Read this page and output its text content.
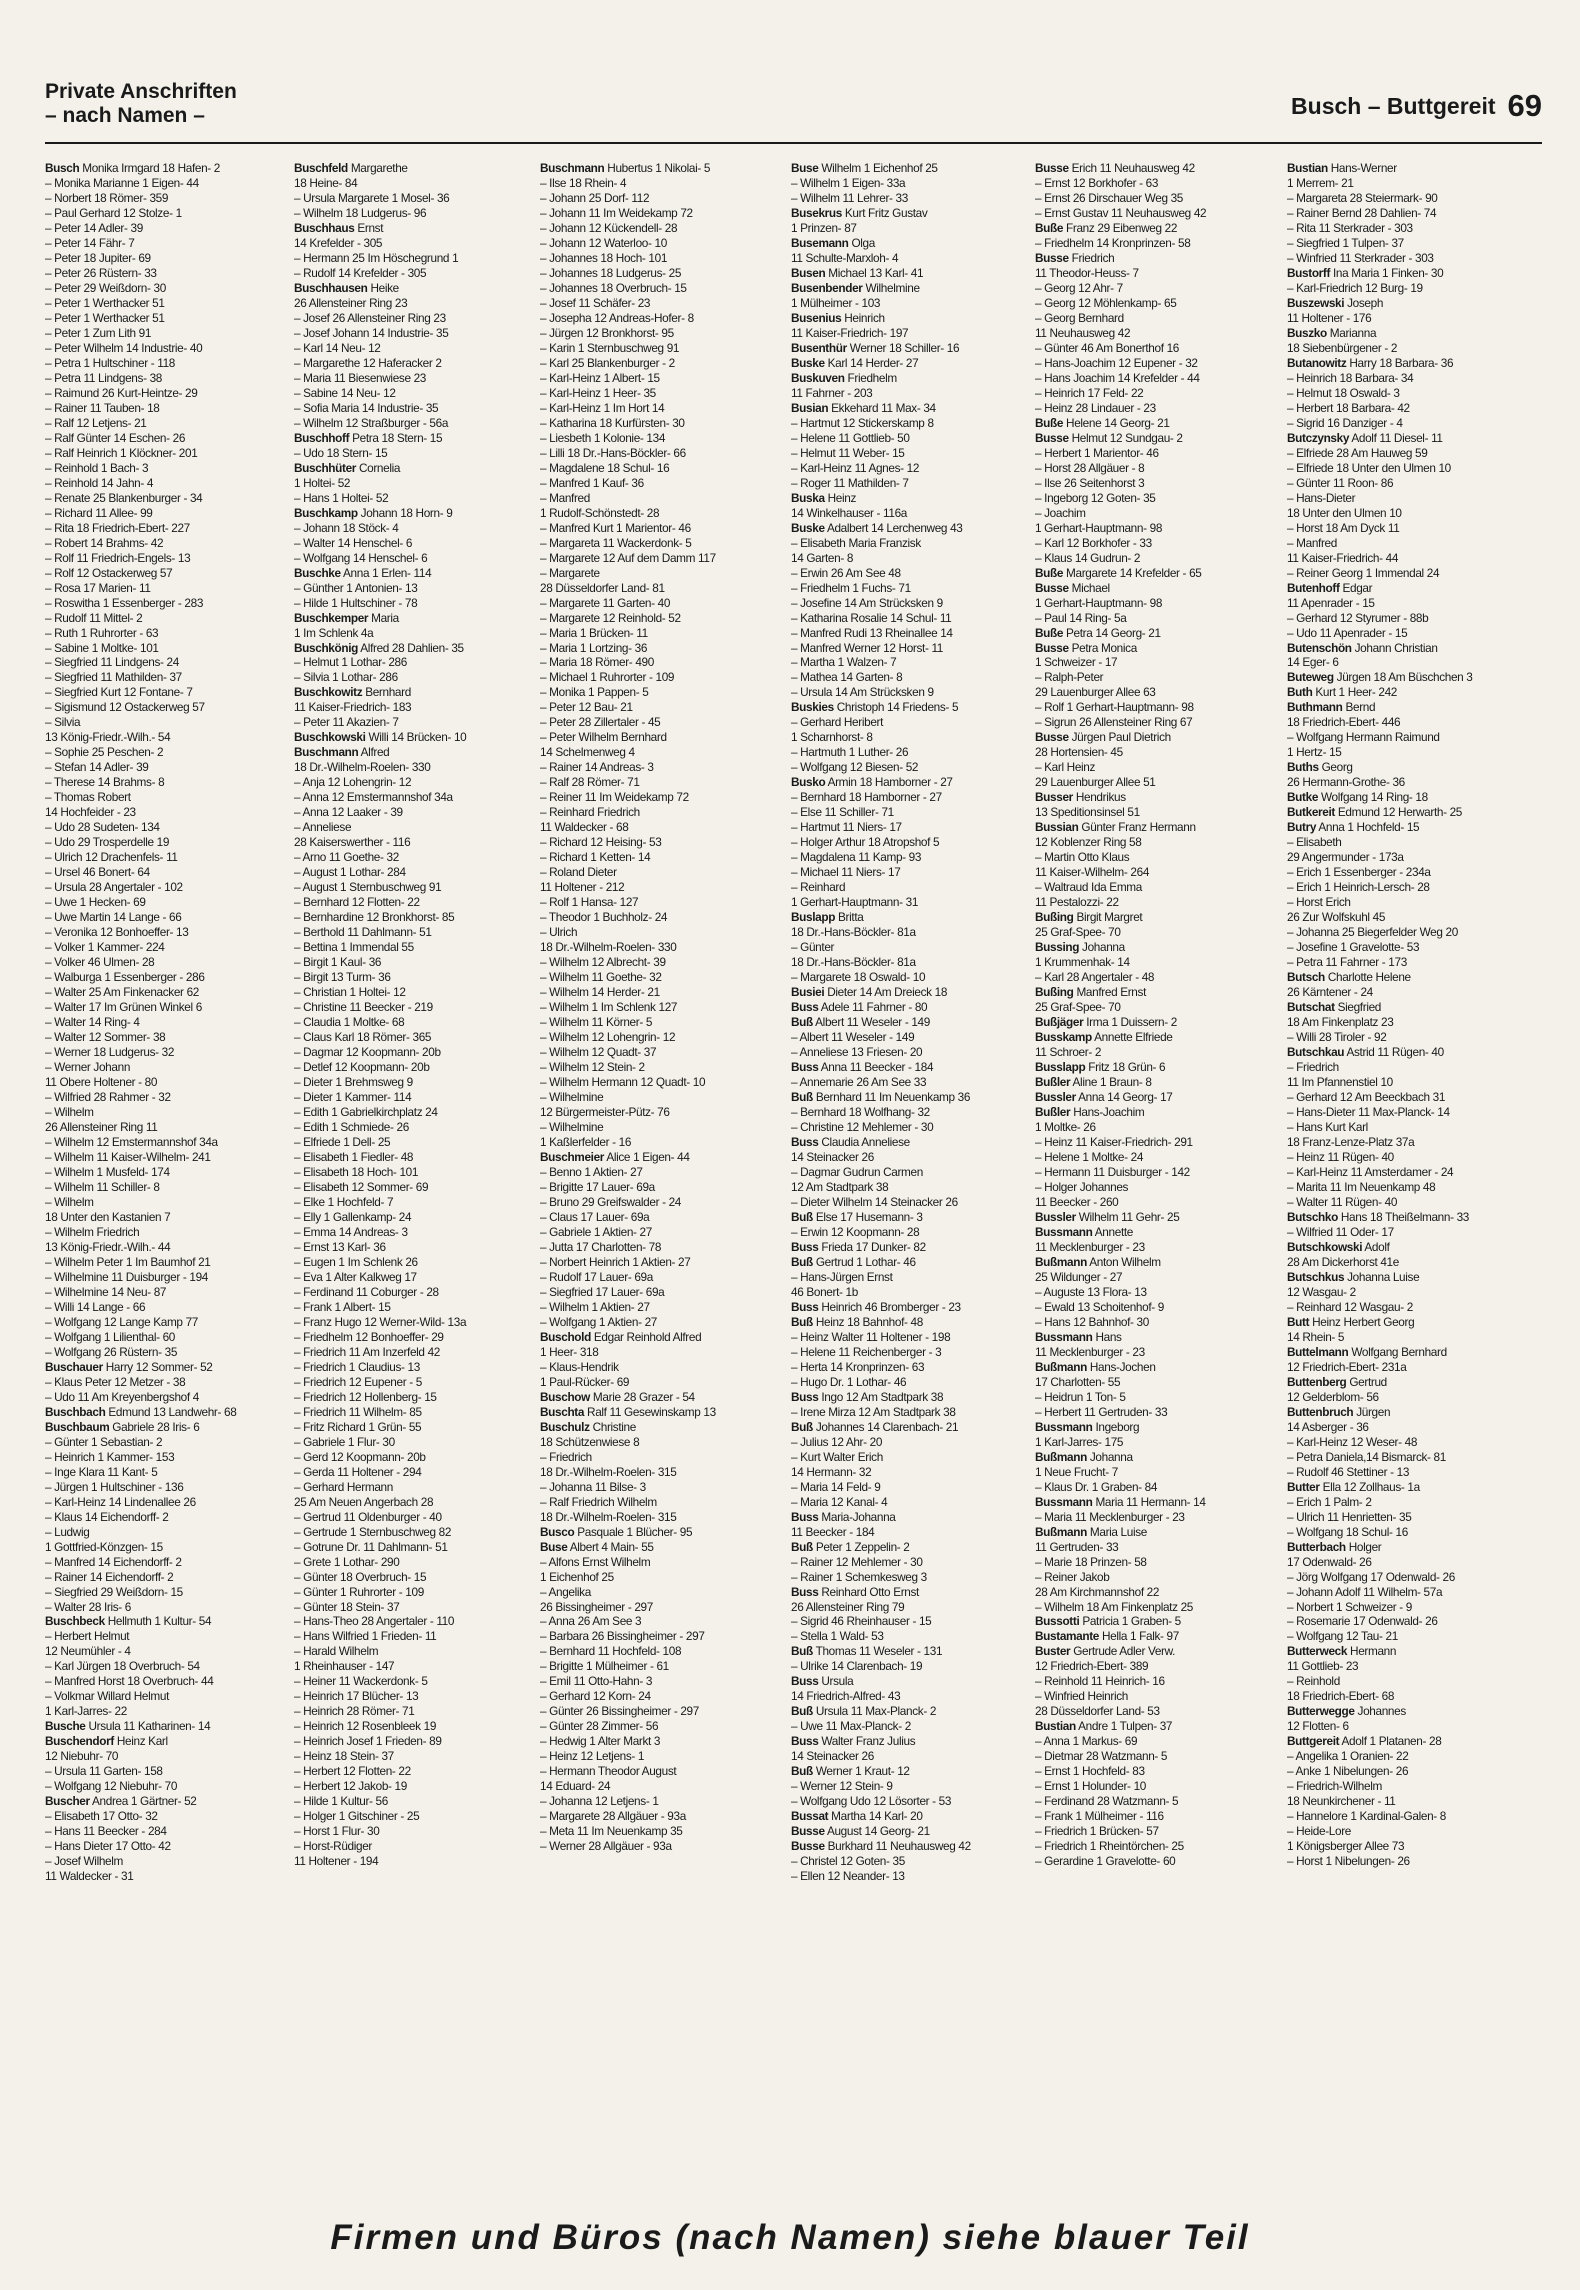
Private Anschriften
– nach Namen –	Busch – Buttgereit 69
Busch Monika Irmgard 18 Hafen- 2
– Monika Marianne 1 Eigen- 44
– Norbert 18 Römer- 359
– Paul Gerhard 12 Stolze- 1
– Peter 14 Adler- 39
– Peter 14 Fähr- 7
– Peter 18 Jupiter- 69
– Peter 26 Rüstern- 33
– Peter 29 Weißdorn- 30
– Peter 1 Werthacker 51
– Peter 1 Werthacker 51
– Peter 1 Zum Lith 91
– Peter Wilhelm 14 Industrie- 40
– Petra 1 Hultschiner - 118
– Petra 11 Lindgens- 38
– Raimund 26 Kurt-Heintze- 29
– Rainer 11 Tauben- 18
– Ralf 12 Letjens- 21
– Ralf Günter 14 Eschen- 26
– Ralf Heinrich 1 Klöckner- 201
– Reinhold 1 Bach- 3
– Reinhold 14 Jahn- 4
– Renate 25 Blankenburger - 34
– Richard 11 Allee- 99
– Rita 18 Friedrich-Ebert- 227
– Robert 14 Brahms- 42
– Rolf 11 Friedrich-Engels- 13
– Rolf 12 Ostackerweg 57
– Rosa 17 Marien- 11
– Roswitha 1 Essenberger - 283
– Rudolf 11 Mittel- 2
– Ruth 1 Ruhrorter - 63
– Sabine 1 Moltke- 101
– Siegfried 11 Lindgens- 24
– Siegfried 11 Mathilden- 37
– Siegfried Kurt 12 Fontane- 7
– Sigismund 12 Ostackerweg 57
– Silvia
13 König-Friedr.-Wilh.- 54
– Sophie 25 Peschen- 2
– Stefan 14 Adler- 39
– Therese 14 Brahms- 8
– Thomas Robert
14 Hochfeider - 23
– Udo 28 Sudeten- 134
– Udo 29 Trosperdelle 19
– Ulrich 12 Drachenfels- 11
– Ursel 46 Bonert- 64
– Ursula 28 Angertaler - 102
– Uwe 1 Hecken- 69
– Uwe Martin 14 Lange - 66
– Veronika 12 Bonhoeffer- 13
– Volker 1 Kammer- 224
– Volker 46 Ulmen- 28
– Walburga 1 Essenberger - 286
– Walter 25 Am Finkenacker 62
– Walter 17 Im Grünen Winkel 6
– Walter 14 Ring- 4
– Walter 12 Sommer- 38
– Werner 18 Ludgerus- 32
– Werner Johann
11 Obere Holtener - 80
– Wilfried 28 Rahmer - 32
– Wilhelm
26 Allensteiner Ring 11
– Wilhelm 12 Emstermannshof 34a
– Wilhelm 11 Kaiser-Wilhelm- 241
– Wilhelm 1 Musfeld- 174
– Wilhelm 11 Schiller- 8
– Wilhelm
18 Unter den Kastanien 7
– Wilhelm Friedrich
13 König-Friedr.-Wilh.- 44
– Wilhelm Peter 1 Im Baumhof 21
– Wilhelmine 11 Duisburger - 194
– Wilhelmine 14 Neu- 87
– Willi 14 Lange - 66
– Wolfgang 12 Lange Kamp 77
– Wolfgang 1 Lilienthal- 60
– Wolfgang 26 Rüstern- 35
Buschauer Harry 12 Sommer- 52
– Klaus Peter 12 Metzer - 38
– Udo 11 Am Kreyenbergshof 4
Buschbach Edmund 13 Landwehr- 68
Buschbaum Gabriele 28 Iris- 6
– Günter 1 Sebastian- 2
– Heinrich 1 Kammer- 153
– Inge Klara 11 Kant- 5
– Jürgen 1 Hultschiner - 136
– Karl-Heinz 14 Lindenallee 26
– Klaus 14 Eichendorff- 2
– Ludwig
1 Gottfried-Könzgen- 15
– Manfred 14 Eichendorff- 2
– Rainer 14 Eichendorff- 2
– Siegfried 29 Weißdorn- 15
– Walter 28 Iris- 6
Buschbeck Hellmuth 1 Kultur- 54
– Herbert Helmut
12 Neumühler - 4
– Karl Jürgen 18 Overbruch- 54
– Manfred Horst 18 Overbruch- 44
– Volkmar Willard Helmut
1 Karl-Jarres- 22
Busche Ursula 11 Katharinen- 14
Buschendorf Heinz Karl
12 Niebuhr- 70
– Ursula 11 Garten- 158
– Wolfgang 12 Niebuhr- 70
Buscher Andrea 1 Gärtner- 52
– Elisabeth 17 Otto- 32
– Hans 11 Beecker - 284
– Hans Dieter 17 Otto- 42
– Josef Wilhelm
11 Waldecker - 31
Buschfeld Margarethe
18 Heine- 84
– Ursula Margarete 1 Mosel- 36
– Wilhelm 18 Ludgerus- 96
Buschhaus Ernst
14 Krefelder - 305
– Hermann 25 Im Höschegrund 1
– Rudolf 14 Krefelder - 305
Buschhausen Heike
26 Allensteiner Ring 23
– Josef 26 Allensteiner Ring 23
– Josef Johann 14 Industrie- 35
– Karl 14 Neu- 12
– Margarethe 12 Haferacker 2
– Maria 11 Biesenwiese 23
– Sabine 14 Neu- 12
– Sofia Maria 14 Industrie- 35
– Wilhelm 12 Straßburger - 56a
Buschhoff Petra 18 Stern- 15
– Udo 18 Stern- 15
Buschhüter Cornelia
1 Holtei- 52
– Hans 1 Holtei- 52
Buschkamp Johann 18 Horn- 9
– Johann 18 Stöck- 4
– Walter 14 Henschel- 6
– Wolfgang 14 Henschel- 6
Buschke Anna 1 Erlen- 114
– Günther 1 Antonien- 13
– Hilde 1 Hultschiner - 78
Buschkemper Maria
1 Im Schlenk 4a
Buschkönig Alfred 28 Dahlien- 35
– Helmut 1 Lothar- 286
– Silvia 1 Lothar- 286
Buschkowitz Bernhard
11 Kaiser-Friedrich- 183
– Peter 11 Akazien- 7
Buschkowski Willi 14 Brücken- 10
Buschmann Alfred
18 Dr.-Wilhelm-Roelen- 330
– Anja 12 Lohengrin- 12
– Anna 12 Emstermannshof 34a
– Anna 12 Laaker - 39
– Anneliese
28 Kaiserswerther - 116
– Arno 11 Goethe- 32
– August 1 Lothar- 284
– August 1 Sternbuschweg 91
– Bernhard 12 Flotten- 22
– Bernhardine 12 Bronkhorst- 85
– Berthold 11 Dahlmann- 51
– Bettina 1 Immendal 55
– Birgit 1 Kaul- 36
– Birgit 13 Turm- 36
– Christian 1 Holtei- 12
– Christine 11 Beecker - 219
– Claudia 1 Moltke- 68
– Claus Karl 18 Römer- 365
– Dagmar 12 Koopmann- 20b
– Detlef 12 Koopmann- 20b
– Dieter 1 Brehmsweg 9
– Dieter 1 Kammer- 114
– Edith 1 Gabrielkirchplatz 24
– Edith 1 Schmiede- 26
– Elfriede 1 Dell- 25
– Elisabeth 1 Fiedler- 48
– Elisabeth 18 Hoch- 101
– Elisabeth 12 Sommer- 69
– Elke 1 Hochfeld- 7
– Elly 1 Gallenkamp- 24
– Emma 14 Andreas- 3
– Ernst 13 Karl- 36
– Eugen 1 Im Schlenk 26
– Eva 1 Alter Kalkweg 17
– Ferdinand 11 Coburger - 28
– Frank 1 Albert- 15
– Franz Hugo 12 Werner-Wild- 13a
– Friedhelm 12 Bonhoeffer- 29
– Friedrich 11 Am Inzerfeld 42
– Friedrich 1 Claudius- 13
– Friedrich 12 Eupener - 5
– Friedrich 12 Hollenberg- 15
– Friedrich 11 Wilhelm- 85
– Fritz Richard 1 Grün- 55
– Gabriele 1 Flur- 30
– Gerd 12 Koopmann- 20b
– Gerda 11 Holtener - 294
– Gerhard Hermann
25 Am Neuen Angerbach 28
– Gertrud 11 Oldenburger - 40
– Gertrude 1 Sternbuschweg 82
– Gotrune Dr. 11 Dahlmann- 51
– Grete 1 Lothar- 290
– Günter 18 Overbruch- 15
– Günter 1 Ruhrorter - 109
– Günter 18 Stein- 37
– Hans-Theo 28 Angertaler - 110
– Hans Wilfried 1 Frieden- 11
– Harald Wilhelm
1 Rheinhauser - 147
– Heiner 11 Wackerdonk- 5
– Heinrich 17 Blücher- 13
– Heinrich 28 Römer- 71
– Heinrich 12 Rosenbleek 19
– Heinrich Josef 1 Frieden- 89
– Heinz 18 Stein- 37
– Herbert 12 Flotten- 22
– Herbert 12 Jakob- 19
– Hilde 1 Kultur- 56
– Holger 1 Gitschiner - 25
– Horst 1 Flur- 30
– Horst-Rüdiger
11 Holtener - 194
Buschmann Hubertus 1 Nikolai- 5
– Ilse 18 Rhein- 4
– Johann 25 Dorf- 112
– Johann 11 Im Weidekamp 72
– Johann 12 Kückendell- 28
– Johann 12 Waterloo- 10
– Johannes 18 Hoch- 101
– Johannes 18 Ludgerus- 25
– Johannes 18 Overbruch- 15
– Josef 11 Schäfer- 23
– Josepha 12 Andreas-Hofer- 8
– Jürgen 12 Bronkhorst- 95
– Karin 1 Sternbuschweg 91
– Karl 25 Blankenburger - 2
– Karl-Heinz 1 Albert- 15
– Karl-Heinz 1 Heer- 35
– Karl-Heinz 1 Im Hort 14
– Katharina 18 Kurfürsten- 30
– Liesbeth 1 Kolonie- 134
– Lilli 18 Dr.-Hans-Böckler- 66
– Magdalene 18 Schul- 16
– Manfred 1 Kauf- 36
– Manfred
1 Rudolf-Schönstedt- 28
– Manfred Kurt 1 Marientor- 46
– Margareta 11 Wackerdonk- 5
– Margarete 12 Auf dem Damm 117
– Margarete
28 Düsseldorfer Land- 81
– Margarete 11 Garten- 40
– Margarete 12 Reinhold- 52
– Maria 1 Brücken- 11
– Maria 1 Lortzing- 36
– Maria 18 Römer- 490
– Michael 1 Ruhrorter - 109
– Monika 1 Pappen- 5
– Peter 12 Bau- 21
– Peter 28 Zillertaler - 45
– Peter Wilhelm Bernhard
14 Schelmenweg 4
– Rainer 14 Andreas- 3
– Ralf 28 Römer- 71
– Reiner 11 Im Weidekamp 72
– Reinhard Friedrich
11 Waldecker - 68
– Richard 12 Heising- 53
– Richard 1 Ketten- 14
– Roland Dieter
11 Holtener - 212
– Rolf 1 Hansa- 127
– Theodor 1 Buchholz- 24
– Ulrich
18 Dr.-Wilhelm-Roelen- 330
– Wilhelm 12 Albrecht- 39
– Wilhelm 11 Goethe- 32
– Wilhelm 14 Herder- 21
– Wilhelm 1 Im Schlenk 127
– Wilhelm 11 Körner- 5
– Wilhelm 12 Lohengrin- 12
– Wilhelm 12 Quadt- 37
– Wilhelm 12 Stein- 2
– Wilhelm Hermann 12 Quadt- 10
– Wilhelmine
12 Bürgermeister-Pütz- 76
– Wilhelmine
1 Kaßlerfelder - 16
Buschmeier Alice 1 Eigen- 44
– Benno 1 Aktien- 27
– Brigitte 17 Lauer- 69a
– Bruno 29 Greifswalder - 24
– Claus 17 Lauer- 69a
– Gabriele 1 Aktien- 27
– Jutta 17 Charlotten- 78
– Norbert Heinrich 1 Aktien- 27
– Rudolf 17 Lauer- 69a
– Siegfried 17 Lauer- 69a
– Wilhelm 1 Aktien- 27
– Wolfgang 1 Aktien- 27
Buschold Edgar Reinhold Alfred
1 Heer- 318
– Klaus-Hendrik
1 Paul-Rücker- 69
Buschow Marie 28 Grazer - 54
Buschta Ralf 11 Gesewinskamp 13
Buschulz Christine
18 Schützenwiese 8
– Friedrich
18 Dr.-Wilhelm-Roelen- 315
– Johanna 11 Bilse- 3
– Ralf Friedrich Wilhelm
18 Dr.-Wilhelm-Roelen- 315
Busco Pasquale 1 Blücher- 95
Buse Albert 4 Main- 55
– Alfons Ernst Wilhelm
1 Eichenhof 25
– Angelika
26 Bissingheimer - 297
– Anna 26 Am See 3
– Barbara 26 Bissingheimer - 297
– Bernhard 11 Hochfeld- 108
– Brigitte 1 Mülheimer - 61
– Emil 11 Otto-Hahn- 3
– Gerhard 12 Korn- 24
– Günter 26 Bissingheimer - 297
– Günter 28 Zimmer- 56
– Hedwig 1 Alter Markt 3
– Heinz 12 Letjens- 1
– Hermann Theodor August
14 Eduard- 24
– Johanna 12 Letjens- 1
– Margarete 28 Allgäuer - 93a
– Meta 11 Im Neuenkamp 35
– Werner 28 Allgäuer - 93a
Buse Wilhelm 1 Eichenhof 25
– Wilhelm 1 Eigen- 33a
– Wilhelm 11 Lehrer- 33
Busekrus Kurt Fritz Gustav
1 Prinzen- 87
Busemann Olga
11 Schulte-Marxloh- 4
Busen Michael 13 Karl- 41
Busenbender Wilhelmine
1 Mülheimer - 103
Busenius Heinrich
11 Kaiser-Friedrich- 197
Busenthür Werner 18 Schiller- 16
Buske Karl 14 Herder- 27
Buskuven Friedhelm
11 Fahrner - 203
Busian Ekkehard 11 Max- 34
– Hartmut 12 Stickerskamp 8
– Helene 11 Gottlieb- 50
– Helmut 11 Weber- 15
– Karl-Heinz 11 Agnes- 12
– Roger 11 Mathilden- 7
Buska Heinz
14 Winkelhauser - 116a
Buske Adalbert 14 Lerchenweg 43
– Elisabeth Maria Franzisk
14 Garten- 8
– Erwin 26 Am See 48
– Friedhelm 1 Fuchs- 71
– Josefine 14 Am Strücksken 9
– Katharina Rosalie 14 Schul- 11
– Manfred Rudi 13 Rheinallee 14
– Manfred Werner 12 Horst- 11
– Martha 1 Walzen- 7
– Mathea 14 Garten- 8
– Ursula 14 Am Strücksken 9
Buskies Christoph 14 Friedens- 5
– Gerhard Heribert
1 Scharnhorst- 8
– Hartmuth 1 Luther- 26
– Wolfgang 12 Biesen- 52
Busko Armin 18 Hamborner - 27
– Bernhard 18 Hamborner - 27
– Else 11 Schiller- 71
– Hartmut 11 Niers- 17
– Holger Arthur 18 Atropshof 5
– Magdalena 11 Kamp- 93
– Michael 11 Niers- 17
– Reinhard
1 Gerhart-Hauptmann- 31
Buslapp Britta
18 Dr.-Hans-Böckler- 81a
– Günter
18 Dr.-Hans-Böckler- 81a
– Margarete 18 Oswald- 10
Busiei Dieter 14 Am Dreieck 18
Buss Adele 11 Fahrner - 80
Buß Albert 11 Weseler - 149
– Albert 11 Weseler - 149
– Anneliese 13 Friesen- 20
Buss Anna 11 Beecker - 184
– Annemarie 26 Am See 33
Buß Bernhard 11 Im Neuenkamp 36
– Bernhard 18 Wolfhang- 32
– Christine 12 Mehlemer - 30
Buss Claudia Anneliese
14 Steinacker 26
– Dagmar Gudrun Carmen
12 Am Stadtpark 38
– Dieter Wilhelm 14 Steinacker 26
Buß Else 17 Husemann- 3
– Erwin 12 Koopmann- 28
Buss Frieda 17 Dunker- 82
Buß Gertrud 1 Lothar- 46
– Hans-Jürgen Ernst
46 Bonert- 1b
Buss Heinrich 46 Bromberger - 23
Buß Heinz 18 Bahnhof- 48
– Heinz Walter 11 Holtener - 198
– Helene 11 Reichenberger - 3
– Herta 14 Kronprinzen- 63
– Hugo Dr. 1 Lothar- 46
Buss Ingo 12 Am Stadtpark 38
– Irene Mirza 12 Am Stadtpark 38
Buß Johannes 14 Clarenbach- 21
– Julius 12 Ahr- 20
– Kurt Walter Erich
14 Hermann- 32
– Maria 14 Feld- 9
– Maria 12 Kanal- 4
Buss Maria-Johanna
11 Beecker - 184
Buß Peter 1 Zeppelin- 2
– Rainer 12 Mehlemer - 30
– Rainer 1 Schemkesweg 3
Buss Reinhard Otto Ernst
26 Allensteiner Ring 79
– Sigrid 46 Rheinhauser - 15
– Stella 1 Wald- 53
Buß Thomas 11 Weseler - 131
– Ulrike 14 Clarenbach- 19
Buss Ursula
14 Friedrich-Alfred- 43
Buß Ursula 11 Max-Planck- 2
– Uwe 11 Max-Planck- 2
Buss Walter Franz Julius
14 Steinacker 26
Buß Werner 1 Kraut- 12
– Werner 12 Stein- 9
– Wolfgang Udo 12 Lösorter - 53
Bussat Martha 14 Karl- 20
Busse August 14 Georg- 21
Busse Burkhard 11 Neuhausweg 42
– Christel 12 Goten- 35
– Ellen 12 Neander- 13
Busse Erich 11 Neuhausweg 42
– Ernst 12 Borkhofer - 63
– Ernst 26 Dirschauer Weg 35
– Ernst Gustav 11 Neuhausweg 42
Buße Franz 29 Eibenweg 22
– Friedhelm 14 Kronprinzen- 58
Busse Friedrich
11 Theodor-Heuss- 7
– Georg 12 Ahr- 7
– Georg 12 Möhlenkamp- 65
– Georg Bernhard
11 Neuhausweg 42
– Günter 46 Am Bonerthof 16
– Hans-Joachim 12 Eupener - 32
– Hans Joachim 14 Krefelder - 44
– Heinrich 17 Feld- 22
– Heinz 28 Lindauer - 23
Buße Helene 14 Georg- 21
Busse Helmut 12 Sundgau- 2
– Herbert 1 Marientor- 46
– Horst 28 Allgäuer - 8
– Ilse 26 Seitenhorst 3
– Ingeborg 12 Goten- 35
– Joachim
1 Gerhart-Hauptmann- 98
– Karl 12 Borkhofer - 33
– Klaus 14 Gudrun- 2
Buße Margarete 14 Krefelder - 65
Busse Michael
1 Gerhart-Hauptmann- 98
– Paul 14 Ring- 5a
Buße Petra 14 Georg- 21
Busse Petra Monica
1 Schweizer - 17
– Ralph-Peter
29 Lauenburger Allee 63
– Rolf 1 Gerhart-Hauptmann- 98
– Sigrun 26 Allensteiner Ring 67
Busse Jürgen Paul Dietrich
28 Hortensien- 45
– Karl Heinz
29 Lauenburger Allee 51
Busser Hendrikus
13 Speditionsinsel 51
Bussian Günter Franz Hermann
12 Koblenzer Ring 58
– Martin Otto Klaus
11 Kaiser-Wilhelm- 264
– Waltraud Ida Emma
11 Pestalozzi- 22
Bußing Birgit Margret
25 Graf-Spee- 70
Bussing Johanna
1 Krummenhak- 14
– Karl 28 Angertaler - 48
Bußing Manfred Ernst
25 Graf-Spee- 70
Bußjäger Irma 1 Duissern- 2
Busskamp Annette Elfriede
11 Schroer- 2
Busslapp Fritz 18 Grün- 6
Bußler Aline 1 Braun- 8
Bussler Anna 14 Georg- 17
Bußler Hans-Joachim
1 Moltke- 26
– Heinz 11 Kaiser-Friedrich- 291
– Helene 1 Moltke- 24
– Hermann 11 Duisburger - 142
– Holger Johannes
11 Beecker - 260
Bussler Wilhelm 11 Gehr- 25
Bussmann Annette
11 Mecklenburger - 23
Bußmann Anton Wilhelm
25 Wildunger - 27
– Auguste 13 Flora- 13
– Ewald 13 Schoitenhof- 9
– Hans 12 Bahnhof- 30
Bussmann Hans
11 Mecklenburger - 23
Bußmann Hans-Jochen
17 Charlotten- 55
– Heidrun 1 Ton- 5
– Herbert 11 Gertruden- 33
Bussmann Ingeborg
1 Karl-Jarres- 175
Bußmann Johanna
1 Neue Frucht- 7
– Klaus Dr. 1 Graben- 84
Bussmann Maria 11 Hermann- 14
– Maria 11 Mecklenburger - 23
Bußmann Maria Luise
11 Gertruden- 33
– Marie 18 Prinzen- 58
– Reiner Jakob
28 Am Kirchmannshof 22
– Wilhelm 18 Am Finkenplatz 25
Bussotti Patricia 1 Graben- 5
Bustamante Hella 1 Falk- 97
Buster Gertrude Adler Verw.
12 Friedrich-Ebert- 389
– Reinhold 11 Heinrich- 16
– Winfried Heinrich
28 Düsseldorfer Land- 53
Bustian Andre 1 Tulpen- 37
– Anna 1 Markus- 69
– Dietmar 28 Watzmann- 5
– Ernst 1 Hochfeld- 83
– Ernst 1 Holunder- 10
– Ferdinand 28 Watzmann- 5
– Frank 1 Mülheimer - 116
– Friedrich 1 Brücken- 57
– Friedrich 1 Rheintörchen- 25
– Gerardine 1 Gravelotte- 60
Bustian Hans-Werner
1 Merrem- 21
– Margareta 28 Steiermark- 90
– Rainer Bernd 28 Dahlien- 74
– Rita 11 Sterkrader - 303
– Siegfried 1 Tulpen- 37
– Winfried 11 Sterkrader - 303
Bustorff Ina Maria 1 Finken- 30
– Karl-Friedrich 12 Burg- 19
Buszewski Joseph
11 Holtener - 176
Buszko Marianna
18 Siebenbürgener - 2
Butanowitz Harry 18 Barbara- 36
– Heinrich 18 Barbara- 34
– Helmut 18 Oswald- 3
– Herbert 18 Barbara- 42
– Sigrid 16 Danziger - 4
Butczynsky Adolf 11 Diesel- 11
– Elfriede 28 Am Hauweg 59
– Elfriede 18 Unter den Ulmen 10
– Günter 11 Roon- 86
– Hans-Dieter
18 Unter den Ulmen 10
– Horst 18 Am Dyck 11
– Manfred
11 Kaiser-Friedrich- 44
– Reiner Georg 1 Immendal 24
Butenhoff Edgar
11 Apenrader - 15
– Gerhard 12 Styrumer - 88b
– Udo 11 Apenrader - 15
Butenschön Johann Christian
14 Eger- 6
Buteweg Jürgen 18 Am Büschchen 3
Buth Kurt 1 Heer- 242
Buthmann Bernd
18 Friedrich-Ebert- 446
– Wolfgang Hermann Raimund
1 Hertz- 15
Buths Georg
26 Hermann-Grothe- 36
Butke Wolfgang 14 Ring- 18
Butkereit Edmund 12 Herwarth- 25
Butry Anna 1 Hochfeld- 15
– Elisabeth
29 Angermunder - 173a
– Erich 1 Essenberger - 234a
– Erich 1 Heinrich-Lersch- 28
– Horst Erich
26 Zur Wolfskuhl 45
– Johanna 25 Biegerfelder Weg 20
– Josefine 1 Gravelotte- 53
– Petra 11 Fahrner - 173
Butsch Charlotte Helene
26 Kärntener - 24
Butschat Siegfried
18 Am Finkenplatz 23
– Willi 28 Tiroler - 92
Butschkau Astrid 11 Rügen- 40
– Friedrich
11 Im Pfannenstiel 10
– Gerhard 12 Am Beeckbach 31
– Hans-Dieter 11 Max-Planck- 14
– Hans Kurt Karl
18 Franz-Lenze-Platz 37a
– Heinz 11 Rügen- 40
– Karl-Heinz 11 Amsterdamer - 24
– Marita 11 Im Neuenkamp 48
– Walter 11 Rügen- 40
Butschko Hans 18 Theißelmann- 33
– Wilfried 11 Oder- 17
Butschkowski Adolf
28 Am Dickerhorst 41e
Butschkus Johanna Luise
12 Wasgau- 2
– Reinhard 12 Wasgau- 2
Butt Heinz Herbert Georg
14 Rhein- 5
Buttelmann Wolfgang Bernhard
12 Friedrich-Ebert- 231a
Buttenberg Gertrud
12 Gelderblom- 56
Buttenbruch Jürgen
14 Asberger - 36
– Karl-Heinz 12 Weser- 48
– Petra Daniela,14 Bismarck- 81
– Rudolf 46 Stettiner - 13
Butter Ella 12 Zollhaus- 1a
– Erich 1 Palm- 2
– Ulrich 11 Henrietten- 35
– Wolfgang 18 Schul- 16
Butterbach Holger
17 Odenwald- 26
– Jörg Wolfgang 17 Odenwald- 26
– Johann Adolf 11 Wilhelm- 57a
– Norbert 1 Schweizer - 9
– Rosemarie 17 Odenwald- 26
– Wolfgang 12 Tau- 21
Butterweck Hermann
11 Gottlieb- 23
– Reinhold
18 Friedrich-Ebert- 68
Butterwegge Johannes
12 Flotten- 6
Buttgereit Adolf 1 Platanen- 28
– Angelika 1 Oranien- 22
– Anke 1 Nibelungen- 26
– Friedrich-Wilhelm
18 Neunkirchener - 11
– Hannelore 1 Kardinal-Galen- 8
– Heide-Lore
1 Königsberger Allee 73
– Horst 1 Nibelungen- 26
Firmen und Büros (nach Namen) siehe blauer Teil
